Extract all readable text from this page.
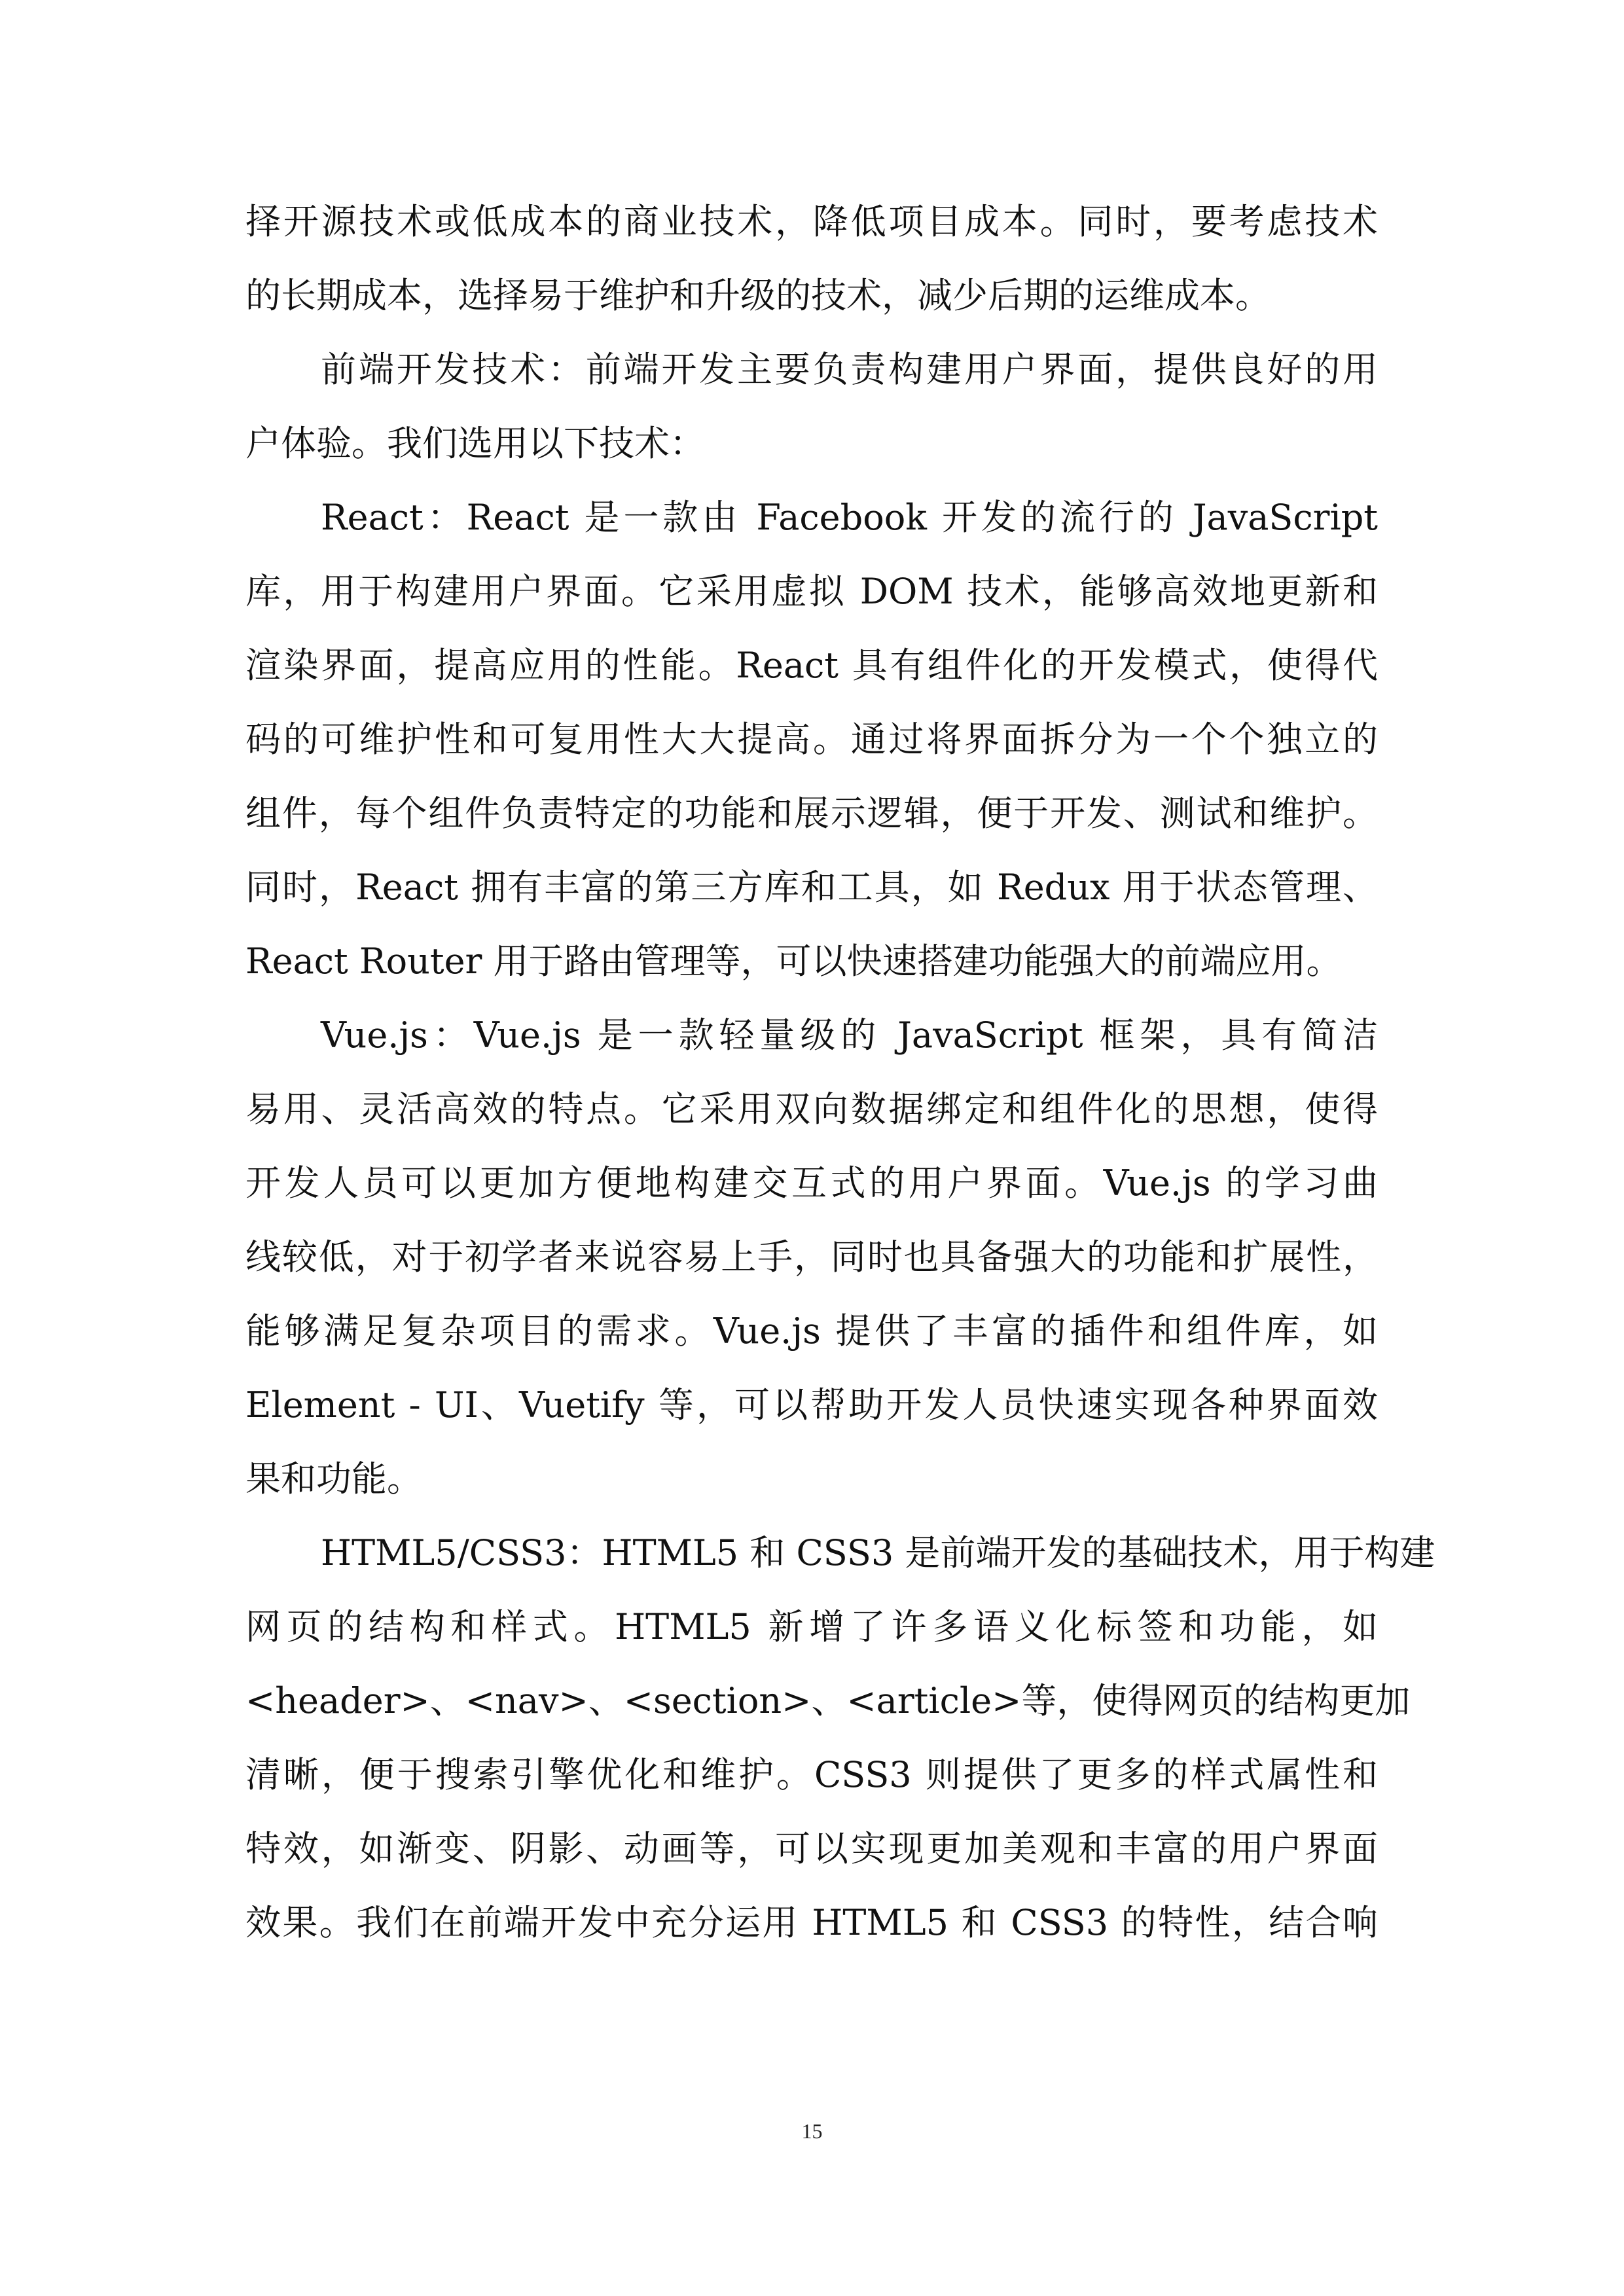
择开源技术或低成本的商业技术，降低项目成本。同时，要考虑技术
的长期成本，选择易于维护和升级的技术，减少后期的运维成本。
前端开发技术：前端开发主要负责构建用户界面，提供良好的用
户体验。我们选用以下技术：
React：React 是一款由 Facebook 开发的流行的 JavaScript
库，用于构建用户界面。它采用虚拟 DOM 技术，能够高效地更新和
渲染界面，提高应用的性能。React 具有组件化的开发模式，使得代
码的可维护性和可复用性大大提高。通过将界面拆分为一个个独立的
组件，每个组件负责特定的功能和展示逻辑，便于开发、测试和维护。
同时，React 拥有丰富的第三方库和工具，如 Redux 用于状态管理、
React Router 用于路由管理等，可以快速搭建功能强大的前端应用。
Vue.js：Vue.js 是一款轻量级的 JavaScript 框架，具有简洁
易用、灵活高效的特点。它采用双向数据绑定和组件化的思想，使得
开发人员可以更加方便地构建交互式的用户界面。Vue.js 的学习曲
线较低，对于初学者来说容易上手，同时也具备强大的功能和扩展性，
能够满足复杂项目的需求。Vue.js 提供了丰富的插件和组件库，如
Element - UI、Vuetify 等，可以帮助开发人员快速实现各种界面效
果和功能。
HTML5/CSS3：HTML5 和 CSS3 是前端开发的基础技术，用于构建
网页的结构和样式。HTML5 新增了许多语义化标签和功能，如
<header>、<nav>、<section>、<article>等，使得网页的结构更加
清晰，便于搜索引擎优化和维护。CSS3 则提供了更多的样式属性和
特效，如渐变、阴影、动画等，可以实现更加美观和丰富的用户界面
效果。我们在前端开发中充分运用 HTML5 和 CSS3 的特性，结合响
15
